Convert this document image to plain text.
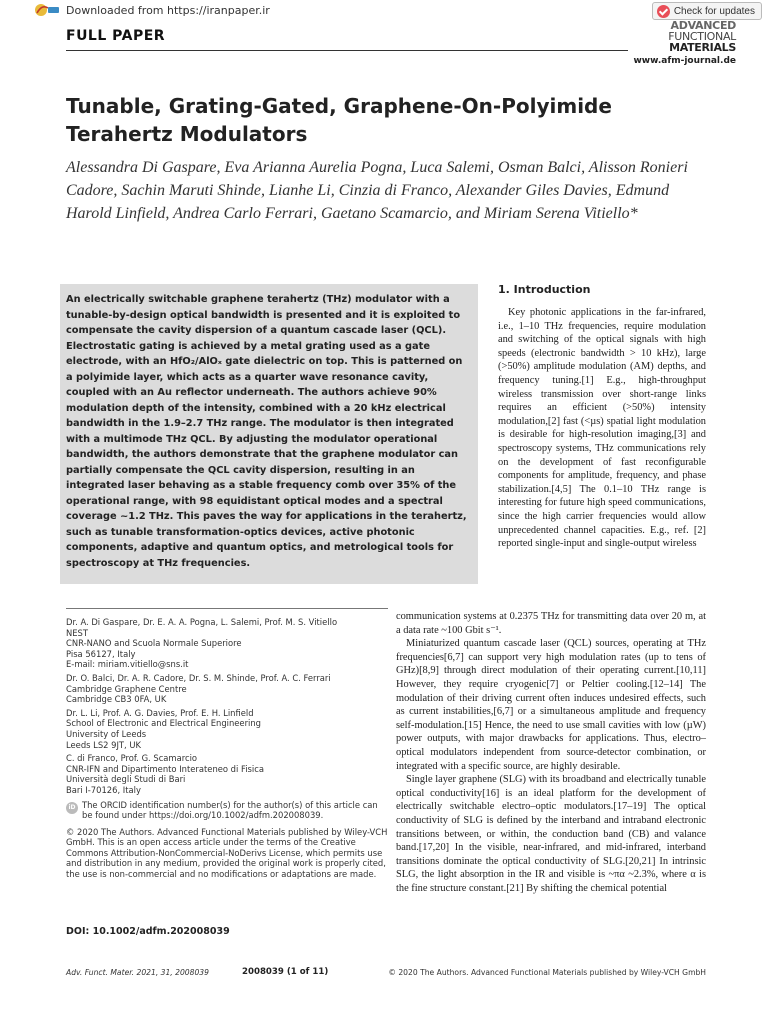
Downloaded from https://iranpaper.ir	Check for updates
FULL PAPER
ADVANCED
FUNCTIONAL
MATERIALS
www.afm-journal.de
Tunable, Grating-Gated, Graphene-On-Polyimide Terahertz Modulators
Alessandra Di Gaspare, Eva Arianna Aurelia Pogna, Luca Salemi, Osman Balci, Alisson Ronieri Cadore, Sachin Maruti Shinde, Lianhe Li, Cinzia di Franco, Alexander Giles Davies, Edmund Harold Linfield, Andrea Carlo Ferrari, Gaetano Scamarcio, and Miriam Serena Vitiello*
An electrically switchable graphene terahertz (THz) modulator with a tunable-by-design optical bandwidth is presented and it is exploited to compensate the cavity dispersion of a quantum cascade laser (QCL). Electrostatic gating is achieved by a metal grating used as a gate electrode, with an HfO₂/AlOₓ gate dielectric on top. This is patterned on a polyimide layer, which acts as a quarter wave resonance cavity, coupled with an Au reflector underneath. The authors achieve 90% modulation depth of the intensity, combined with a 20 kHz electrical bandwidth in the 1.9–2.7 THz range. The modulator is then integrated with a multimode THz QCL. By adjusting the modulator operational bandwidth, the authors demonstrate that the graphene modulator can partially compensate the QCL cavity dispersion, resulting in an integrated laser behaving as a stable frequency comb over 35% of the operational range, with 98 equidistant optical modes and a spectral coverage ~1.2 THz. This paves the way for applications in the terahertz, such as tunable transformation-optics devices, active photonic components, adaptive and quantum optics, and metrological tools for spectroscopy at THz frequencies.
Dr. A. Di Gaspare, Dr. E. A. A. Pogna, L. Salemi, Prof. M. S. Vitiello
NEST
CNR-NANO and Scuola Normale Superiore
Pisa 56127, Italy
E-mail: miriam.vitiello@sns.it
Dr. O. Balci, Dr. A. R. Cadore, Dr. S. M. Shinde, Prof. A. C. Ferrari
Cambridge Graphene Centre
Cambridge CB3 0FA, UK
Dr. L. Li, Prof. A. G. Davies, Prof. E. H. Linfield
School of Electronic and Electrical Engineering
University of Leeds
Leeds LS2 9JT, UK
C. di Franco, Prof. G. Scamarcio
CNR-IFN and Dipartimento Interateneo di Fisica
Università degli Studi di Bari
Bari I-70126, Italy
iD The ORCID identification number(s) for the author(s) of this article can be found under https://doi.org/10.1002/adfm.202008039.
© 2020 The Authors. Advanced Functional Materials published by Wiley-VCH GmbH. This is an open access article under the terms of the Creative Commons Attribution-NonCommercial-NoDerivs License, which permits use and distribution in any medium, provided the original work is properly cited, the use is non-commercial and no modifications or adaptations are made.
DOI: 10.1002/adfm.202008039
1. Introduction

Key photonic applications in the far-infrared, i.e., 1–10 THz frequencies, require modulation and switching of the optical signals with high speeds (electronic bandwidth > 10 kHz), large (>50%) amplitude modulation (AM) depths, and frequency tuning.[1] E.g., high-throughput wireless transmission over short-range links requires an efficient (>50%) intensity modulation,[2] fast (<µs) spatial light modulation is desirable for high-resolution imaging,[3] and spectroscopy systems, THz communications rely on the development of fast reconfigurable components for amplitude, frequency, and phase stabilization.[4,5] The 0.1–10 THz range is interesting for future high speed communications, since the high carrier frequencies would allow unprecedented channel capacities. E.g., ref. [2] reported single-input and single-output wireless

communication systems at 0.2375 THz for transmitting data over 20 m, at a data rate ~100 Gbit s⁻¹.

Miniaturized quantum cascade laser (QCL) sources, operating at THz frequencies[6,7] can support very high modulation rates (up to tens of GHz)[8,9] through direct modulation of their operating current.[10,11] However, they require cryogenic[7] or Peltier cooling.[12–14] The modulation of their driving current often induces undesired effects, such as current instabilities,[6,7] or a simultaneous amplitude and frequency self-modulation.[15] Hence, the need to use small cavities with low (µW) power outputs, with major drawbacks for applications. Thus, electro–optical modulators independent from source-detector combination, or integrated with a specific source, are highly desirable.

Single layer graphene (SLG) with its broadband and electrically tunable optical conductivity[16] is an ideal platform for the development of electrically switchable electro–optic modulators.[17–19] The optical conductivity of SLG is defined by the interband and intraband electronic transitions between, or within, the conduction band (CB) and valance band.[17,20] In the visible, near-infrared, and mid-infrared, interband transitions dominate the optical conductivity of SLG.[20,21] In intrinsic SLG, the light absorption in the IR and visible is ~πα ~2.3%, where α is the fine structure constant.[21] By shifting the chemical potential

Adv. Funct. Mater. 2021, 31, 2008039	2008039 (1 of 11)	© 2020 The Authors. Advanced Functional Materials published by Wiley-VCH GmbH
